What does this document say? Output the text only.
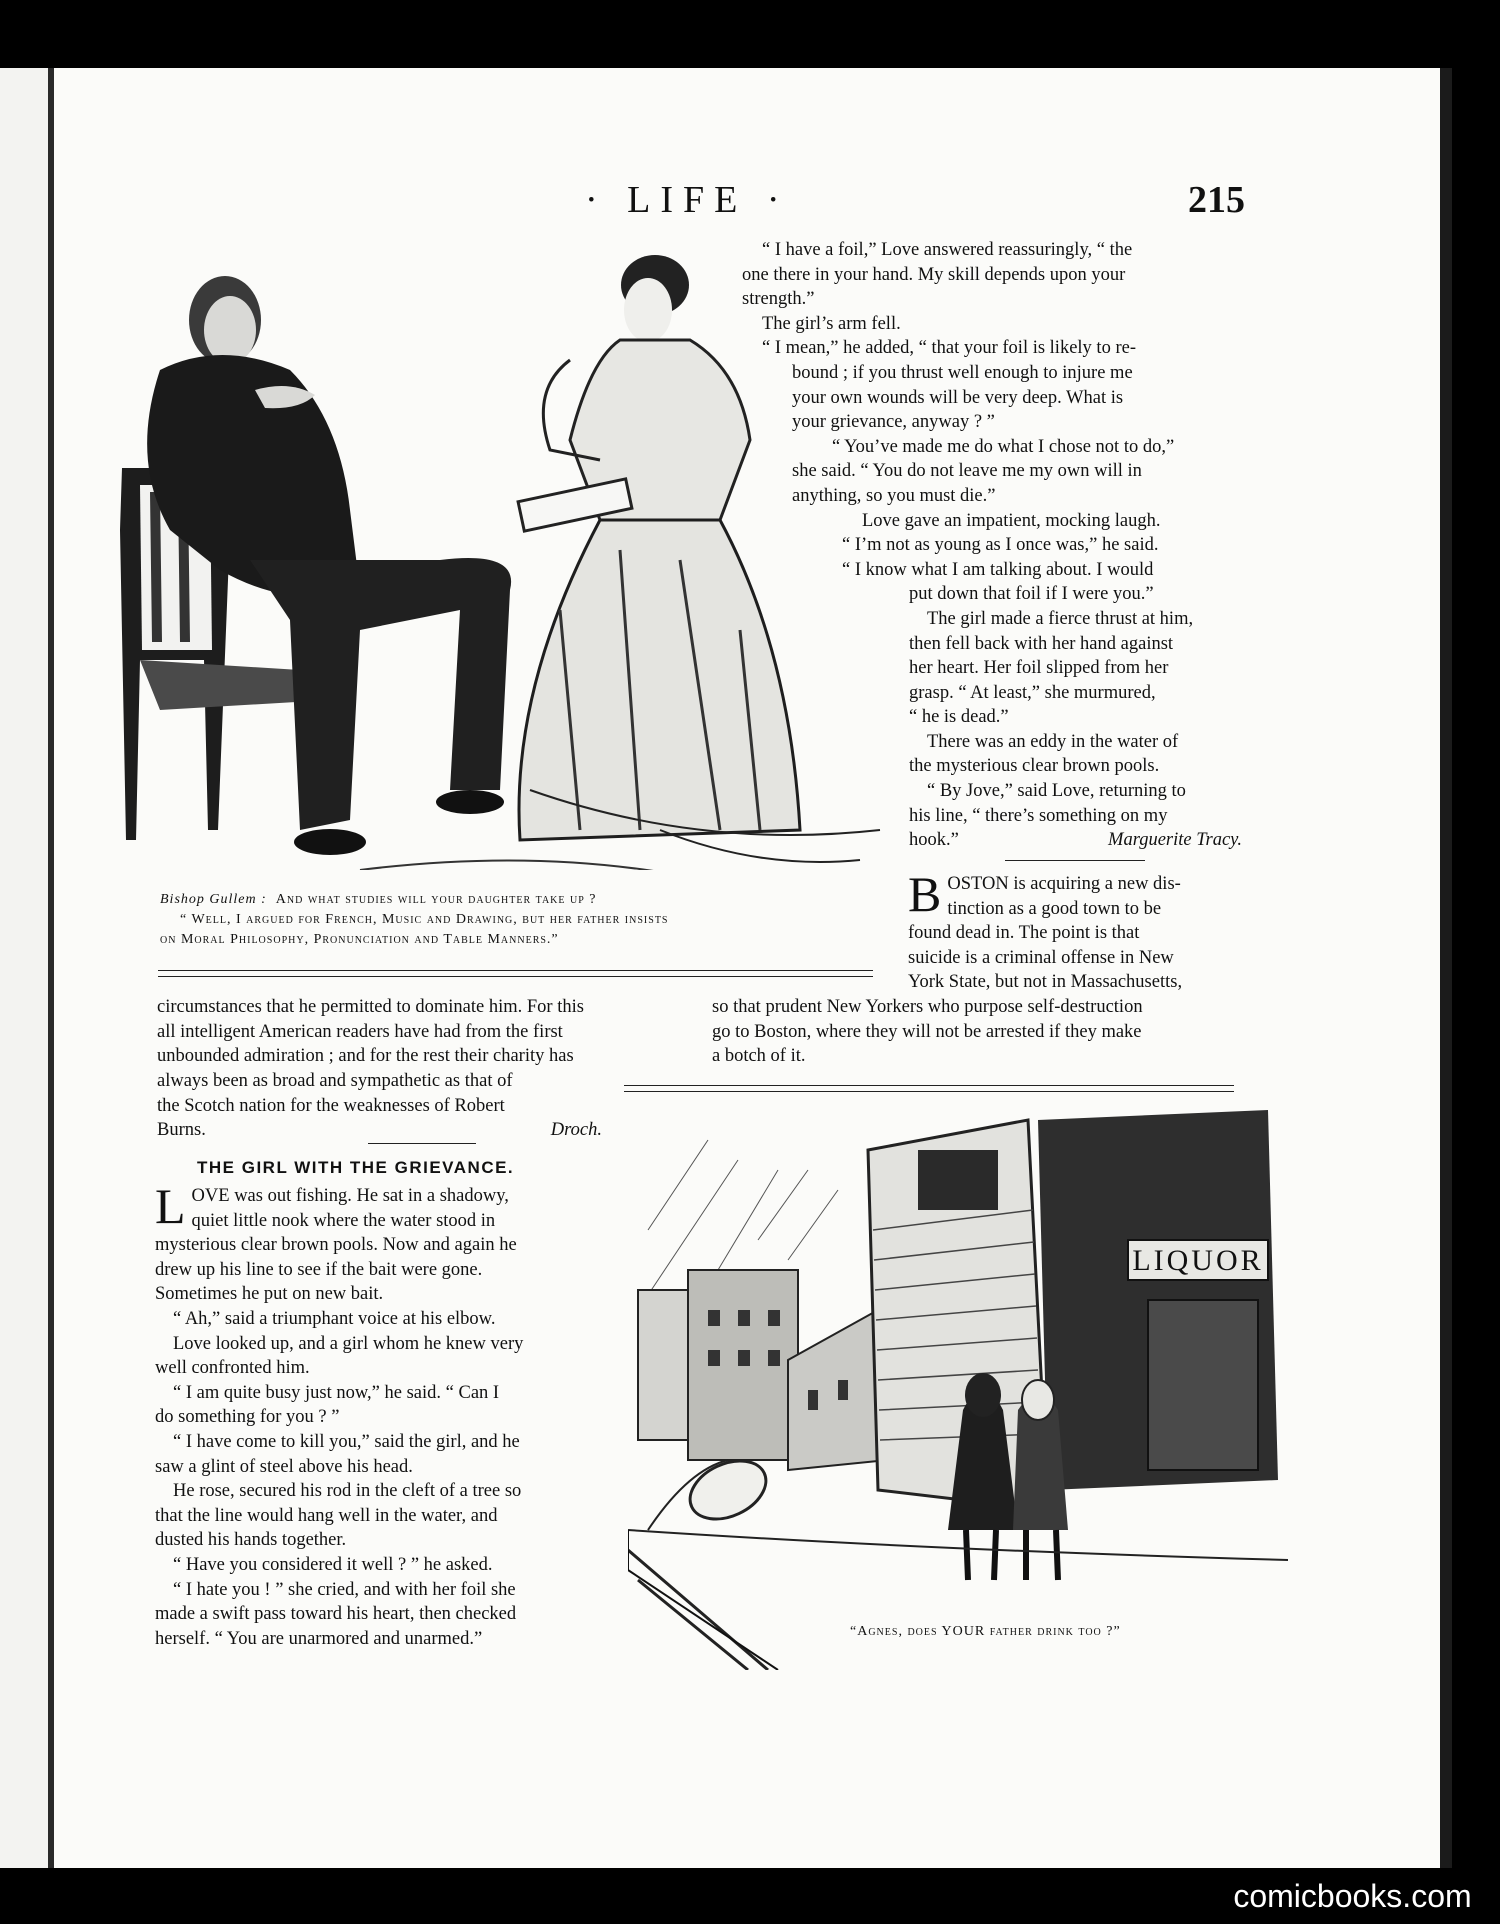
· LIFE ·	215
Bishop Gullem : And what studies will your daughter take up ?
“ Well, I argued for French, Music and Drawing, but her father insists
on Moral Philosophy, Pronunciation and Table Manners.”

“ I have a foil,” Love answered reassuringly, “ the

one there in your hand. My skill depends upon your

strength.”

The girl’s arm fell.

“ I mean,” he added, “ that your foil is likely to re-

bound ; if you thrust well enough to injure me

your own wounds will be very deep. What is

your grievance, anyway ? ”

“ You’ve made me do what I chose not to do,”

she said. “ You do not leave me my own will in

anything, so you must die.”

Love gave an impatient, mocking laugh.

“ I’m not as young as I once was,” he said.

“ I know what I am talking about. I would

put down that foil if I were you.”

The girl made a fierce thrust at him,

then fell back with her hand against

her heart. Her foil slipped from her

grasp. “ At least,” she murmured,

“ he is dead.”

There was an eddy in the water of

the mysterious clear brown pools.

“ By Jove,” said Love, returning to

his line, “ there’s something on my

hook.”	Marguerite Tracy.

B OSTON is acquiring a new dis-

tinction as a good town to be

found dead in. The point is that

suicide is a criminal offense in New

York State, but not in Massachusetts,

so that prudent New Yorkers who purpose self-destruction

go to Boston, where they will not be arrested if they make

a botch of it.

circumstances that he permitted to dominate him. For this

all intelligent American readers have had from the first

unbounded admiration ; and for the rest their charity has

always been as broad and sympathetic as that of

the Scotch nation for the weaknesses of Robert

Burns.	Droch.

THE GIRL WITH THE GRIEVANCE.
L OVE was out fishing. He sat in a shadowy,

quiet little nook where the water stood in

mysterious clear brown pools. Now and again he

drew up his line to see if the bait were gone.

Sometimes he put on new bait.

“ Ah,” said a triumphant voice at his elbow.

Love looked up, and a girl whom he knew very

well confronted him.

“ I am quite busy just now,” he said. “ Can I

do something for you ? ”

“ I have come to kill you,” said the girl, and he

saw a glint of steel above his head.

He rose, secured his rod in the cleft of a tree so

that the line would hang well in the water, and

dusted his hands together.

“ Have you considered it well ? ” he asked.

“ I hate you ! ” she cried, and with her foil she

made a swift pass toward his heart, then checked

herself. “ You are unarmored and unarmed.”

LIQUOR
“Agnes, does YOUR father drink too ?”
comicbooks.com
